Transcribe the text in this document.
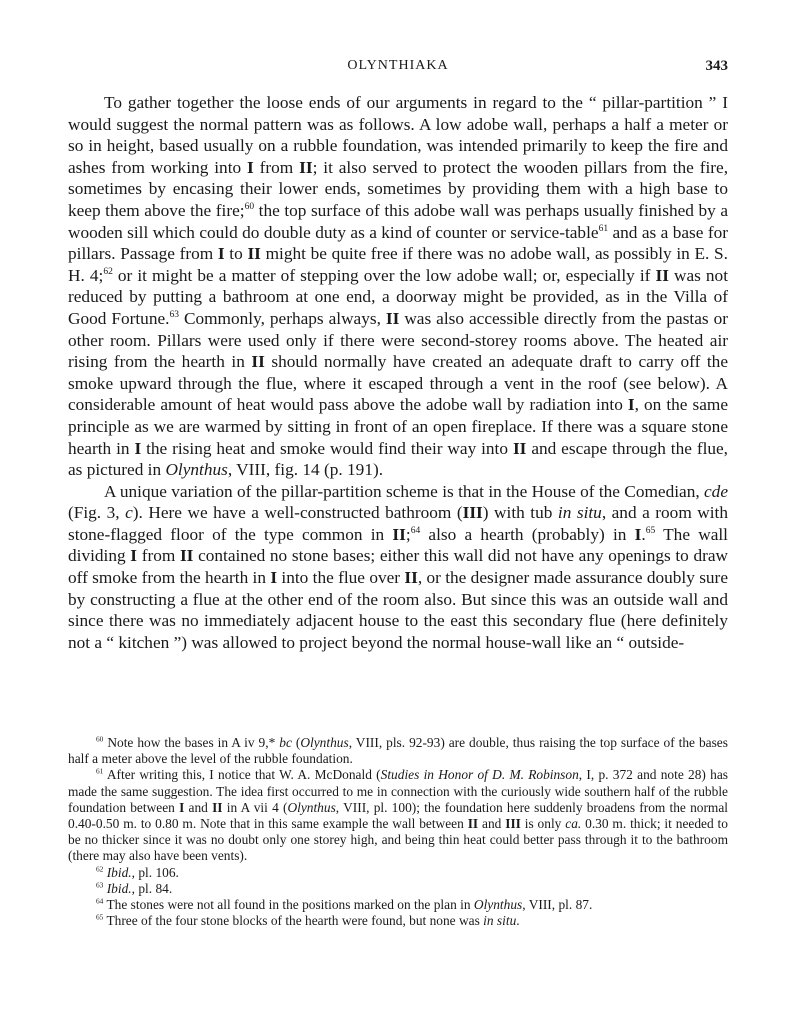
OLYNTHIAKA	343

To gather together the loose ends of our arguments in regard to the “ pillar-partition ” I would suggest the normal pattern was as follows. A low adobe wall, perhaps a half a meter or so in height, based usually on a rubble foundation, was intended primarily to keep the fire and ashes from working into I from II; it also served to protect the wooden pillars from the fire, sometimes by encasing their lower ends, sometimes by providing them with a high base to keep them above the fire;$^{60}$ the top surface of this adobe wall was perhaps usually finished by a wooden sill which could do double duty as a kind of counter or service-table$^{61}$ and as a base for pillars. Passage from I to II might be quite free if there was no adobe wall, as possibly in E. S. H. 4;$^{62}$ or it might be a matter of stepping over the low adobe wall; or, especially if II was not reduced by putting a bathroom at one end, a doorway might be provided, as in the Villa of Good Fortune.$^{63}$ Commonly, perhaps always, II was also accessible directly from the pastas or other room. Pillars were used only if there were second-storey rooms above. The heated air rising from the hearth in II should normally have created an adequate draft to carry off the smoke upward through the flue, where it escaped through a vent in the roof (see below). A considerable amount of heat would pass above the adobe wall by radiation into I, on the same principle as we are warmed by sitting in front of an open fireplace. If there was a square stone hearth in I the rising heat and smoke would find their way into II and escape through the flue, as pictured in Olynthus, VIII, fig. 14 (p. 191).

A unique variation of the pillar-partition scheme is that in the House of the Comedian, cde (Fig. 3, c). Here we have a well-constructed bathroom (III) with tub in situ, and a room with stone-flagged floor of the type common in II;$^{64}$ also a hearth (probably) in I.$^{65}$ The wall dividing I from II contained no stone bases; either this wall did not have any openings to draw off smoke from the hearth in I into the flue over II, or the designer made assurance doubly sure by constructing a flue at the other end of the room also. But since this was an outside wall and since there was no immediately adjacent house to the east this secondary flue (here definitely not a “ kitchen ”) was allowed to project beyond the normal house-wall like an “ outside-

$^{60}$ Note how the bases in A iv 9,* bc (Olynthus, VIII, pls. 92-93) are double, thus raising the top surface of the bases half a meter above the level of the rubble foundation.

$^{61}$ After writing this, I notice that W. A. McDonald (Studies in Honor of D. M. Robinson, I, p. 372 and note 28) has made the same suggestion. The idea first occurred to me in connection with the curiously wide southern half of the rubble foundation between I and II in A vii 4 (Olynthus, VIII, pl. 100); the foundation here suddenly broadens from the normal 0.40-0.50 m. to 0.80 m. Note that in this same example the wall between II and III is only ca. 0.30 m. thick; it needed to be no thicker since it was no doubt only one storey high, and being thin heat could better pass through it to the bathroom (there may also have been vents).

$^{62}$ Ibid., pl. 106.

$^{63}$ Ibid., pl. 84.

$^{64}$ The stones were not all found in the positions marked on the plan in Olynthus, VIII, pl. 87.

$^{65}$ Three of the four stone blocks of the hearth were found, but none was in situ.
